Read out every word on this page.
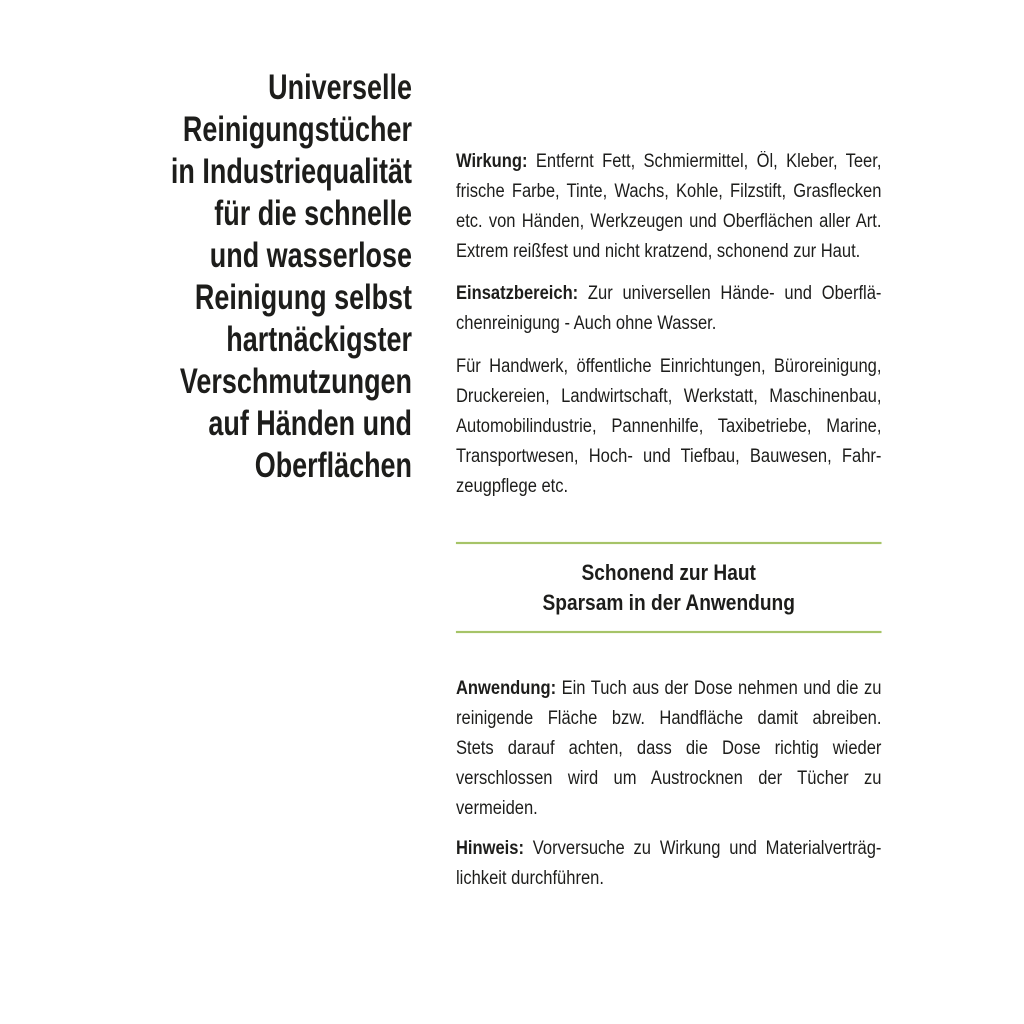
Universelle
Reinigungstücher
in Industriequalität
für die schnelle
und wasserlose
Reinigung selbst
hartnäckigster
Verschmutzungen
auf Händen und
Oberflächen
Wirkung: Entfernt Fett, Schmiermittel, Öl, Kleber, Teer,
frische Farbe, Tinte, Wachs, Kohle, Filzstift, Grasflecken
etc. von Händen, Werkzeugen und Oberflächen aller Art.
Extrem reißfest und nicht kratzend, schonend zur Haut.
Einsatzbereich: Zur universellen Hände- und Oberflä-
chenreinigung - Auch ohne Wasser.
Für Handwerk, öffentliche Einrichtungen, Büroreinigung,
Druckereien, Landwirtschaft, Werkstatt, Maschinenbau,
Automobilindustrie, Pannenhilfe, Taxibetriebe, Marine,
Transportwesen, Hoch- und Tiefbau, Bauwesen, Fahr-
zeugpflege etc.
Schonend zur Haut
Sparsam in der Anwendung
Anwendung: Ein Tuch aus der Dose nehmen und die zu
reinigende Fläche bzw. Handfläche damit abreiben.
Stets darauf achten, dass die Dose richtig wieder
verschlossen wird um Austrocknen der Tücher zu
vermeiden.
Hinweis: Vorversuche zu Wirkung und Materialverträg-
lichkeit durchführen.
